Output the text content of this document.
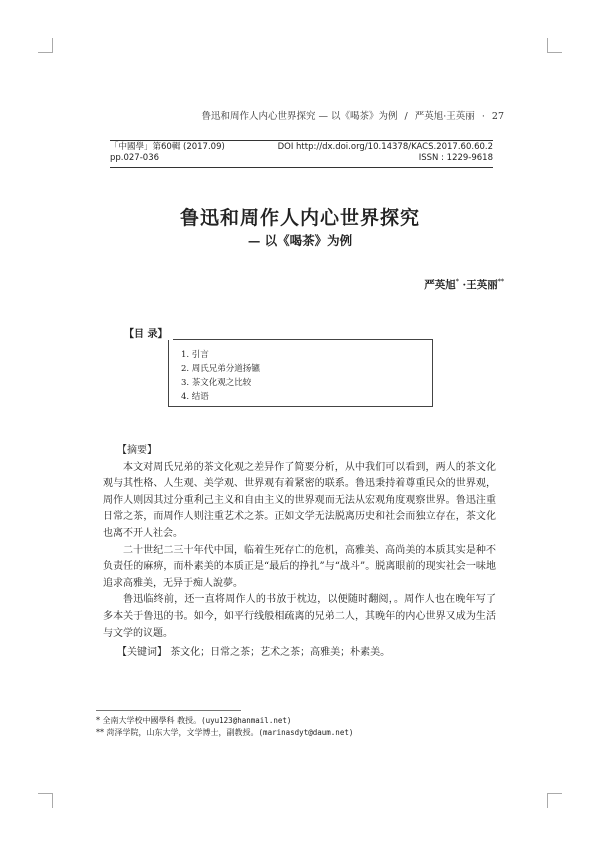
鲁迅和周作人内心世界探究 — 以《喝茶》为例 / 严英旭·王英丽 · 27
「中國學」第60輯 (2017.09)	DOI http://dx.doi.org/10.14378/KACS.2017.60.60.2
pp.027-036	ISSN : 1229-9618
鲁迅和周作人内心世界探究
— 以《喝茶》为例
严英旭* ·王英丽**
1. 引言
2. 周氏兄弟分道扬镳
3. 茶文化观之比较
4. 结语
【目 录】
【摘要】

本文对周氏兄弟的茶文化观之差异作了简要分析，从中我们可以看到，两人的茶文化观与其性格、人生观、美学观、世界观有着紧密的联系。鲁迅秉持着尊重民众的世界观，周作人则因其过分重利己主义和自由主义的世界观而无法从宏观角度观察世界。鲁迅注重日常之茶，而周作人则注重艺术之茶。正如文学无法脱离历史和社会而独立存在，茶文化也离不开人社会。

二十世纪二三十年代中国，临着生死存亡的危机，高雅美、高尚美的本质其实是种不负责任的麻痹，而朴素美的本质正是“最后的挣扎”与“战斗”。脱离眼前的现实社会一味地追求高雅美，无异于痴人說夢。

鲁迅临终前，还一直将周作人的书放于枕边，以便随时翻阅，。周作人也在晚年写了多本关于鲁迅的书。如今，如平行线般相疏离的兄弟二人，其晚年的内心世界又成为生活与文学的议题。

【关键词】 茶文化；日常之茶；艺术之茶；高雅美；朴素美。
* 全南大学校中國學科 教授。(uyu123@hanmail.net)
** 菏泽学院，山东大学，文学博士，副教授。(marinasdyt@daum.net)
